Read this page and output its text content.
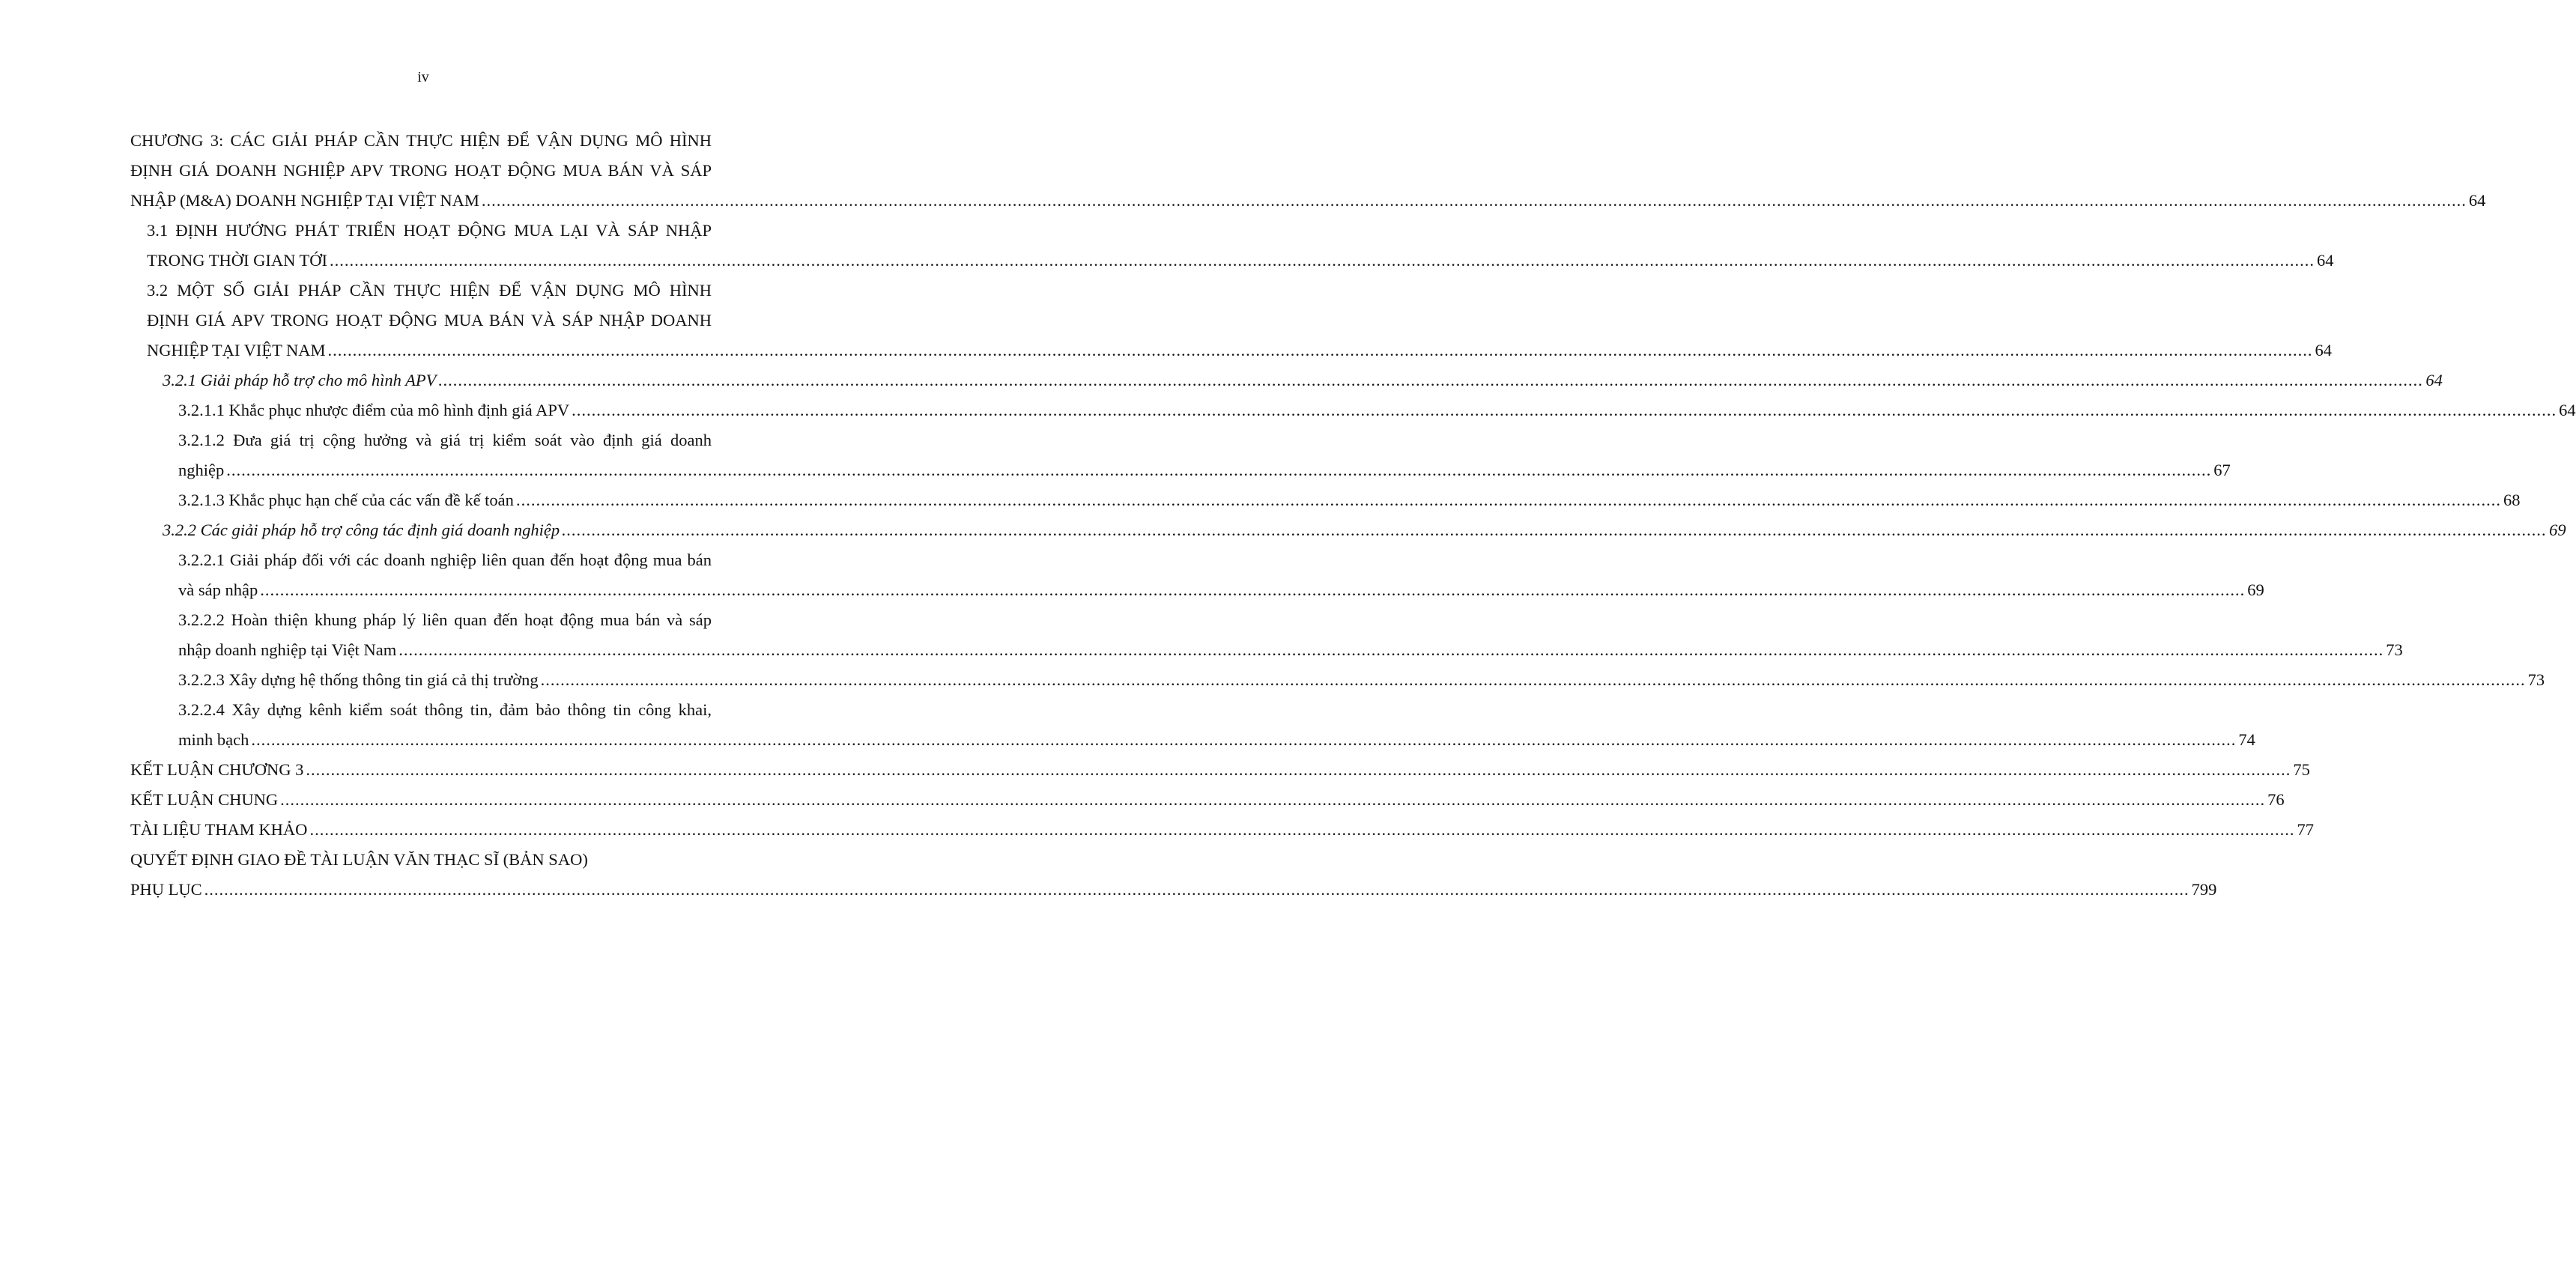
iv
CHƯƠNG 3: CÁC GIẢI PHÁP CẦN THỰC HIỆN ĐỂ VẬN DỤNG MÔ HÌNH
ĐỊNH GIÁ DOANH NGHIỆP APV TRONG HOẠT ĐỘNG MUA BÁN VÀ SÁP
NHẬP (M&A) DOANH NGHIỆP TẠI VIỆT NAM ................................................................................................................................................................................................................................................................................................................................................................................................................ 64
3.1 ĐỊNH HƯỚNG PHÁT TRIỂN HOẠT ĐỘNG MUA LẠI VÀ SÁP NHẬP
TRONG THỜI GIAN TỚI ................................................................................................................................................................................................................................................................................................................................................................................................................ 64
3.2 MỘT SỐ GIẢI PHÁP CẦN THỰC HIỆN ĐỂ VẬN DỤNG MÔ HÌNH
ĐỊNH GIÁ APV TRONG HOẠT ĐỘNG MUA BÁN VÀ SÁP NHẬP DOANH
NGHIỆP TẠI VIỆT NAM ................................................................................................................................................................................................................................................................................................................................................................................................................ 64
3.2.1 Giải pháp hỗ trợ cho mô hình APV ................................................................................................................................................................................................................................................................................................................................................................................................................ 64
3.2.1.1 Khắc phục nhược điểm của mô hình định giá APV ................................................................................................................................................................................................................................................................................................................................................................................................................ 64
3.2.1.2 Đưa giá trị cộng hưởng và giá trị kiểm soát vào định giá doanh
nghiệp ................................................................................................................................................................................................................................................................................................................................................................................................................ 67
3.2.1.3 Khắc phục hạn chế của các vấn đề kế toán ................................................................................................................................................................................................................................................................................................................................................................................................................ 68
3.2.2 Các giải pháp hỗ trợ công tác định giá doanh nghiệp ................................................................................................................................................................................................................................................................................................................................................................................................................ 69
3.2.2.1 Giải pháp đối với các doanh nghiệp liên quan đến hoạt động mua bán
và sáp nhập ................................................................................................................................................................................................................................................................................................................................................................................................................ 69
3.2.2.2 Hoàn thiện khung pháp lý liên quan đến hoạt động mua bán và sáp
nhập doanh nghiệp tại Việt Nam ................................................................................................................................................................................................................................................................................................................................................................................................................ 73
3.2.2.3 Xây dựng hệ thống thông tin giá cả thị trường ................................................................................................................................................................................................................................................................................................................................................................................................................ 73
3.2.2.4 Xây dựng kênh kiểm soát thông tin, đảm bảo thông tin công khai,
minh bạch ................................................................................................................................................................................................................................................................................................................................................................................................................ 74
KẾT LUẬN CHƯƠNG 3 ................................................................................................................................................................................................................................................................................................................................................................................................................ 75
KẾT LUẬN CHUNG ................................................................................................................................................................................................................................................................................................................................................................................................................ 76
TÀI LIỆU THAM KHẢO ................................................................................................................................................................................................................................................................................................................................................................................................................ 77
QUYẾT ĐỊNH GIAO ĐỀ TÀI LUẬN VĂN THẠC SĨ (BẢN SAO)
PHỤ LỤC ................................................................................................................................................................................................................................................................................................................................................................................................................ 799
